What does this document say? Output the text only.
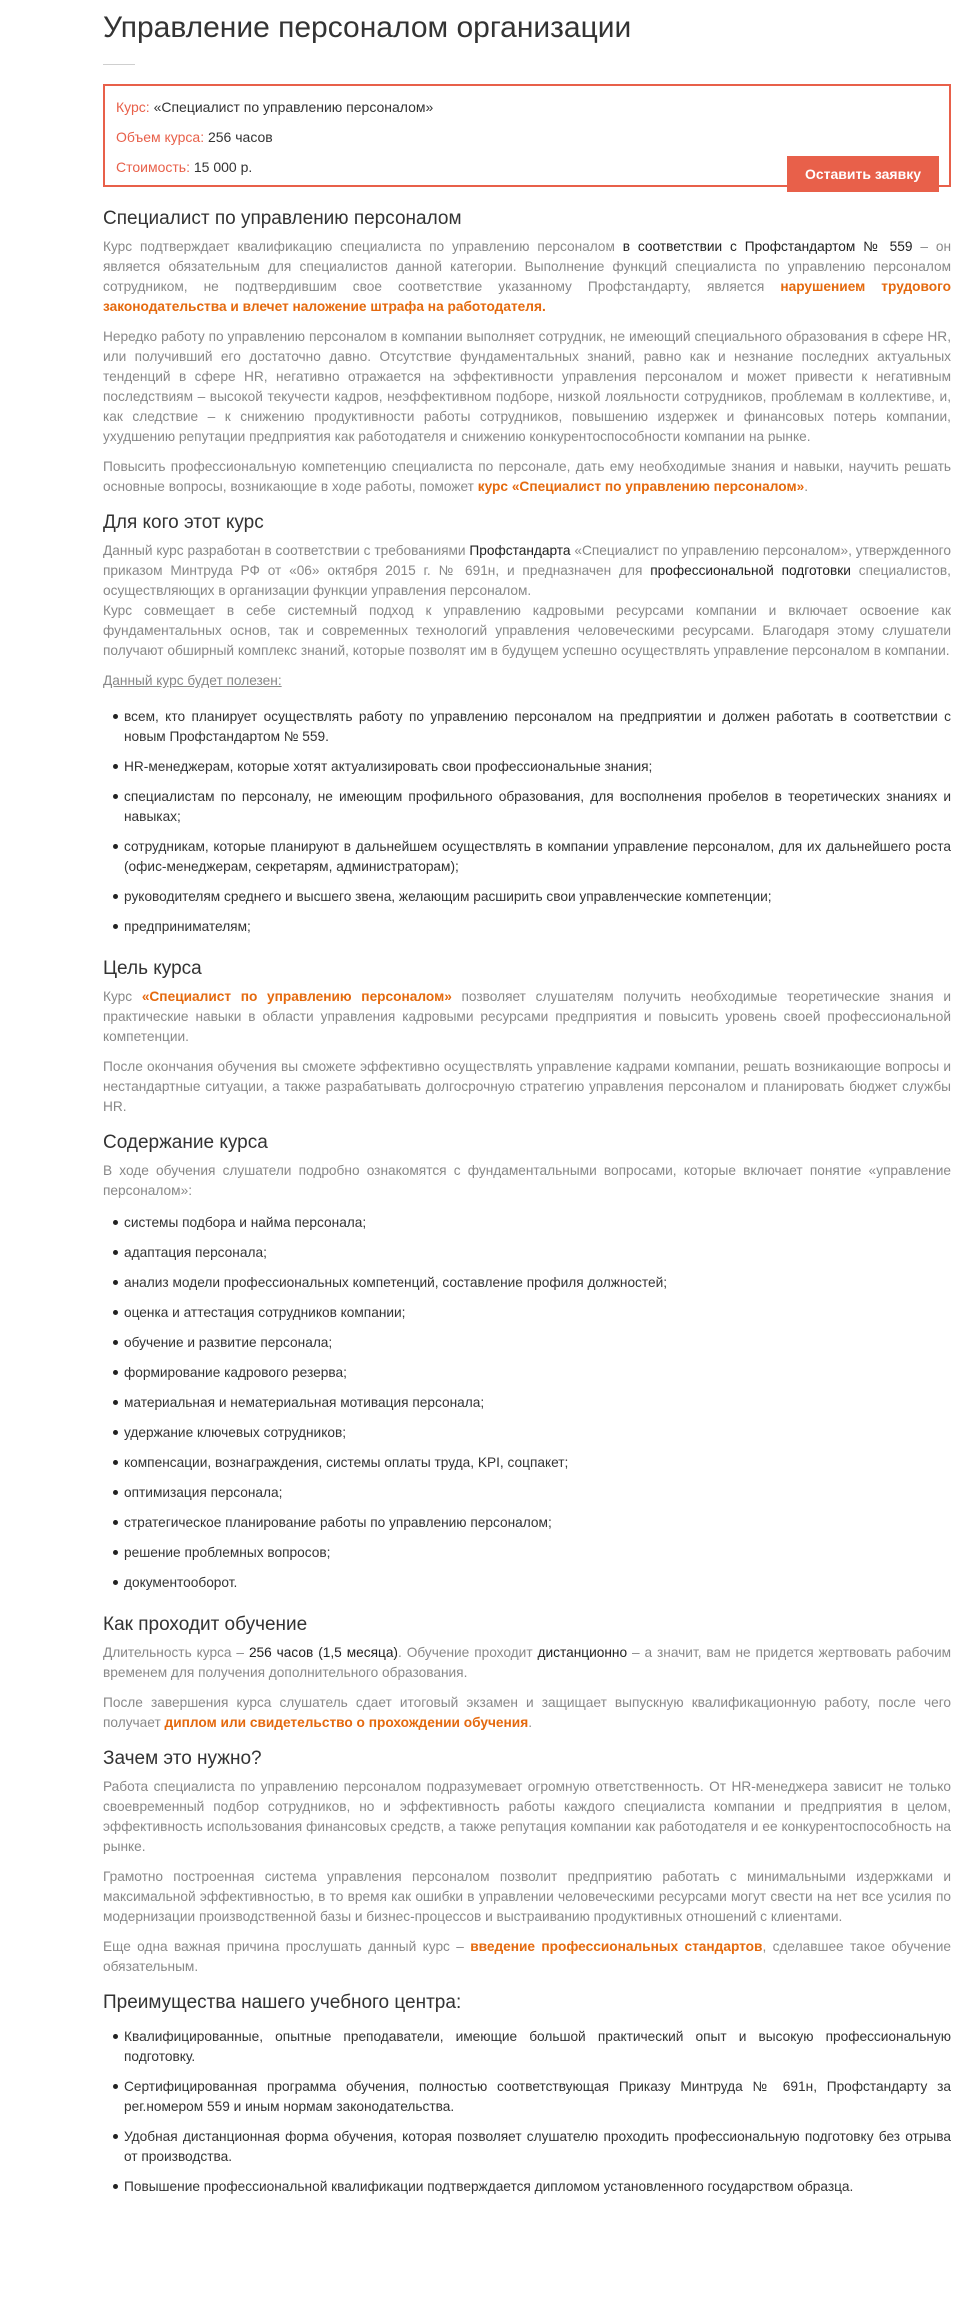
Управление персоналом организации
Курс: «Специалист по управлению персоналом»
Объем курса: 256 часов
Стоимость: 15 000 р.	Оставить заявку
Специалист по управлению персоналом

Курс подтверждает квалификацию специалиста по управлению персоналом в соответствии с Профстандартом № 559 – он является обязательным для специалистов данной категории. Выполнение функций специалиста по управлению персоналом сотрудником, не подтвердившим свое соответствие указанному Профстандарту, является нарушением трудового законодательства и влечет наложение штрафа на работодателя.

Нередко работу по управлению персоналом в компании выполняет сотрудник, не имеющий специального образования в сфере HR, или получивший его достаточно давно. Отсутствие фундаментальных знаний, равно как и незнание последних актуальных тенденций в сфере HR, негативно отражается на эффективности управления персоналом и может привести к негативным последствиям – высокой текучести кадров, неэффективном подборе, низкой лояльности сотрудников, проблемам в коллективе, и, как следствие – к снижению продуктивности работы сотрудников, повышению издержек и финансовых потерь компании, ухудшению репутации предприятия как работодателя и снижению конкурентоспособности компании на рынке.

Повысить профессиональную компетенцию специалиста по персонале, дать ему необходимые знания и навыки, научить решать основные вопросы, возникающие в ходе работы, поможет курс «Специалист по управлению персоналом».

Для кого этот курс

Данный курс разработан в соответствии с требованиями Профстандарта «Специалист по управлению персоналом», утвержденного приказом Минтруда РФ от «06» октября 2015 г. № 691н, и предназначен для профессиональной подготовки специалистов, осуществляющих в организации функции управления персоналом.

Курс совмещает в себе системный подход к управлению кадровыми ресурсами компании и включает освоение как фундаментальных основ, так и современных технологий управления человеческими ресурсами. Благодаря этому слушатели получают обширный комплекс знаний, которые позволят им в будущем успешно осуществлять управление персоналом в компании.

Данный курс будет полезен:
всем, кто планирует осуществлять работу по управлению персоналом на предприятии и должен работать в соответствии с новым Профстандартом № 559.
HR-менеджерам, которые хотят актуализировать свои профессиональные знания;
специалистам по персоналу, не имеющим профильного образования, для восполнения пробелов в теоретических знаниях и навыках;
сотрудникам, которые планируют в дальнейшем осуществлять в компании управление персоналом, для их дальнейшего роста (офис-менеджерам, секретарям, администраторам);
руководителям среднего и высшего звена, желающим расширить свои управленческие компетенции;
предпринимателям;
Цель курса

Курс «Специалист по управлению персоналом» позволяет слушателям получить необходимые теоретические знания и практические навыки в области управления кадровыми ресурсами предприятия и повысить уровень своей профессиональной компетенции.

После окончания обучения вы сможете эффективно осуществлять управление кадрами компании, решать возникающие вопросы и нестандартные ситуации, а также разрабатывать долгосрочную стратегию управления персоналом и планировать бюджет службы HR.

Содержание курса

В ходе обучения слушатели подробно ознакомятся с фундаментальными вопросами, которые включает понятие «управление персоналом»:

системы подбора и найма персонала;
адаптация персонала;
анализ модели профессиональных компетенций, составление профиля должностей;
оценка и аттестация сотрудников компании;
обучение и развитие персонала;
формирование кадрового резерва;
материальная и нематериальная мотивация персонала;
удержание ключевых сотрудников;
компенсации, вознаграждения, системы оплаты труда, KPI, соцпакет;
оптимизация персонала;
стратегическое планирование работы по управлению персоналом;
решение проблемных вопросов;
документооборот.
Как проходит обучение

Длительность курса – 256 часов (1,5 месяца). Обучение проходит дистанционно – а значит, вам не придется жертвовать рабочим временем для получения дополнительного образования.

После завершения курса слушатель сдает итоговый экзамен и защищает выпускную квалификационную работу, после чего получает диплом или свидетельство о прохождении обучения.

Зачем это нужно?

Работа специалиста по управлению персоналом подразумевает огромную ответственность. От HR-менеджера зависит не только своевременный подбор сотрудников, но и эффективность работы каждого специалиста компании и предприятия в целом, эффективность использования финансовых средств, а также репутация компании как работодателя и ее конкурентоспособность на рынке.

Грамотно построенная система управления персоналом позволит предприятию работать с минимальными издержками и максимальной эффективностью, в то время как ошибки в управлении человеческими ресурсами могут свести на нет все усилия по модернизации производственной базы и бизнес-процессов и выстраиванию продуктивных отношений с клиентами.

Еще одна важная причина прослушать данный курс – введение профессиональных стандартов, сделавшее такое обучение обязательным.

Преимущества нашего учебного центра:
Квалифицированные, опытные преподаватели, имеющие большой практический опыт и высокую профессиональную подготовку.
Сертифицированная программа обучения, полностью соответствующая Приказу Минтруда № 691н, Профстандарту за рег.номером 559 и иным нормам законодательства.
Удобная дистанционная форма обучения, которая позволяет слушателю проходить профессиональную подготовку без отрыва от производства.
Повышение профессиональной квалификации подтверждается дипломом установленного государством образца.
